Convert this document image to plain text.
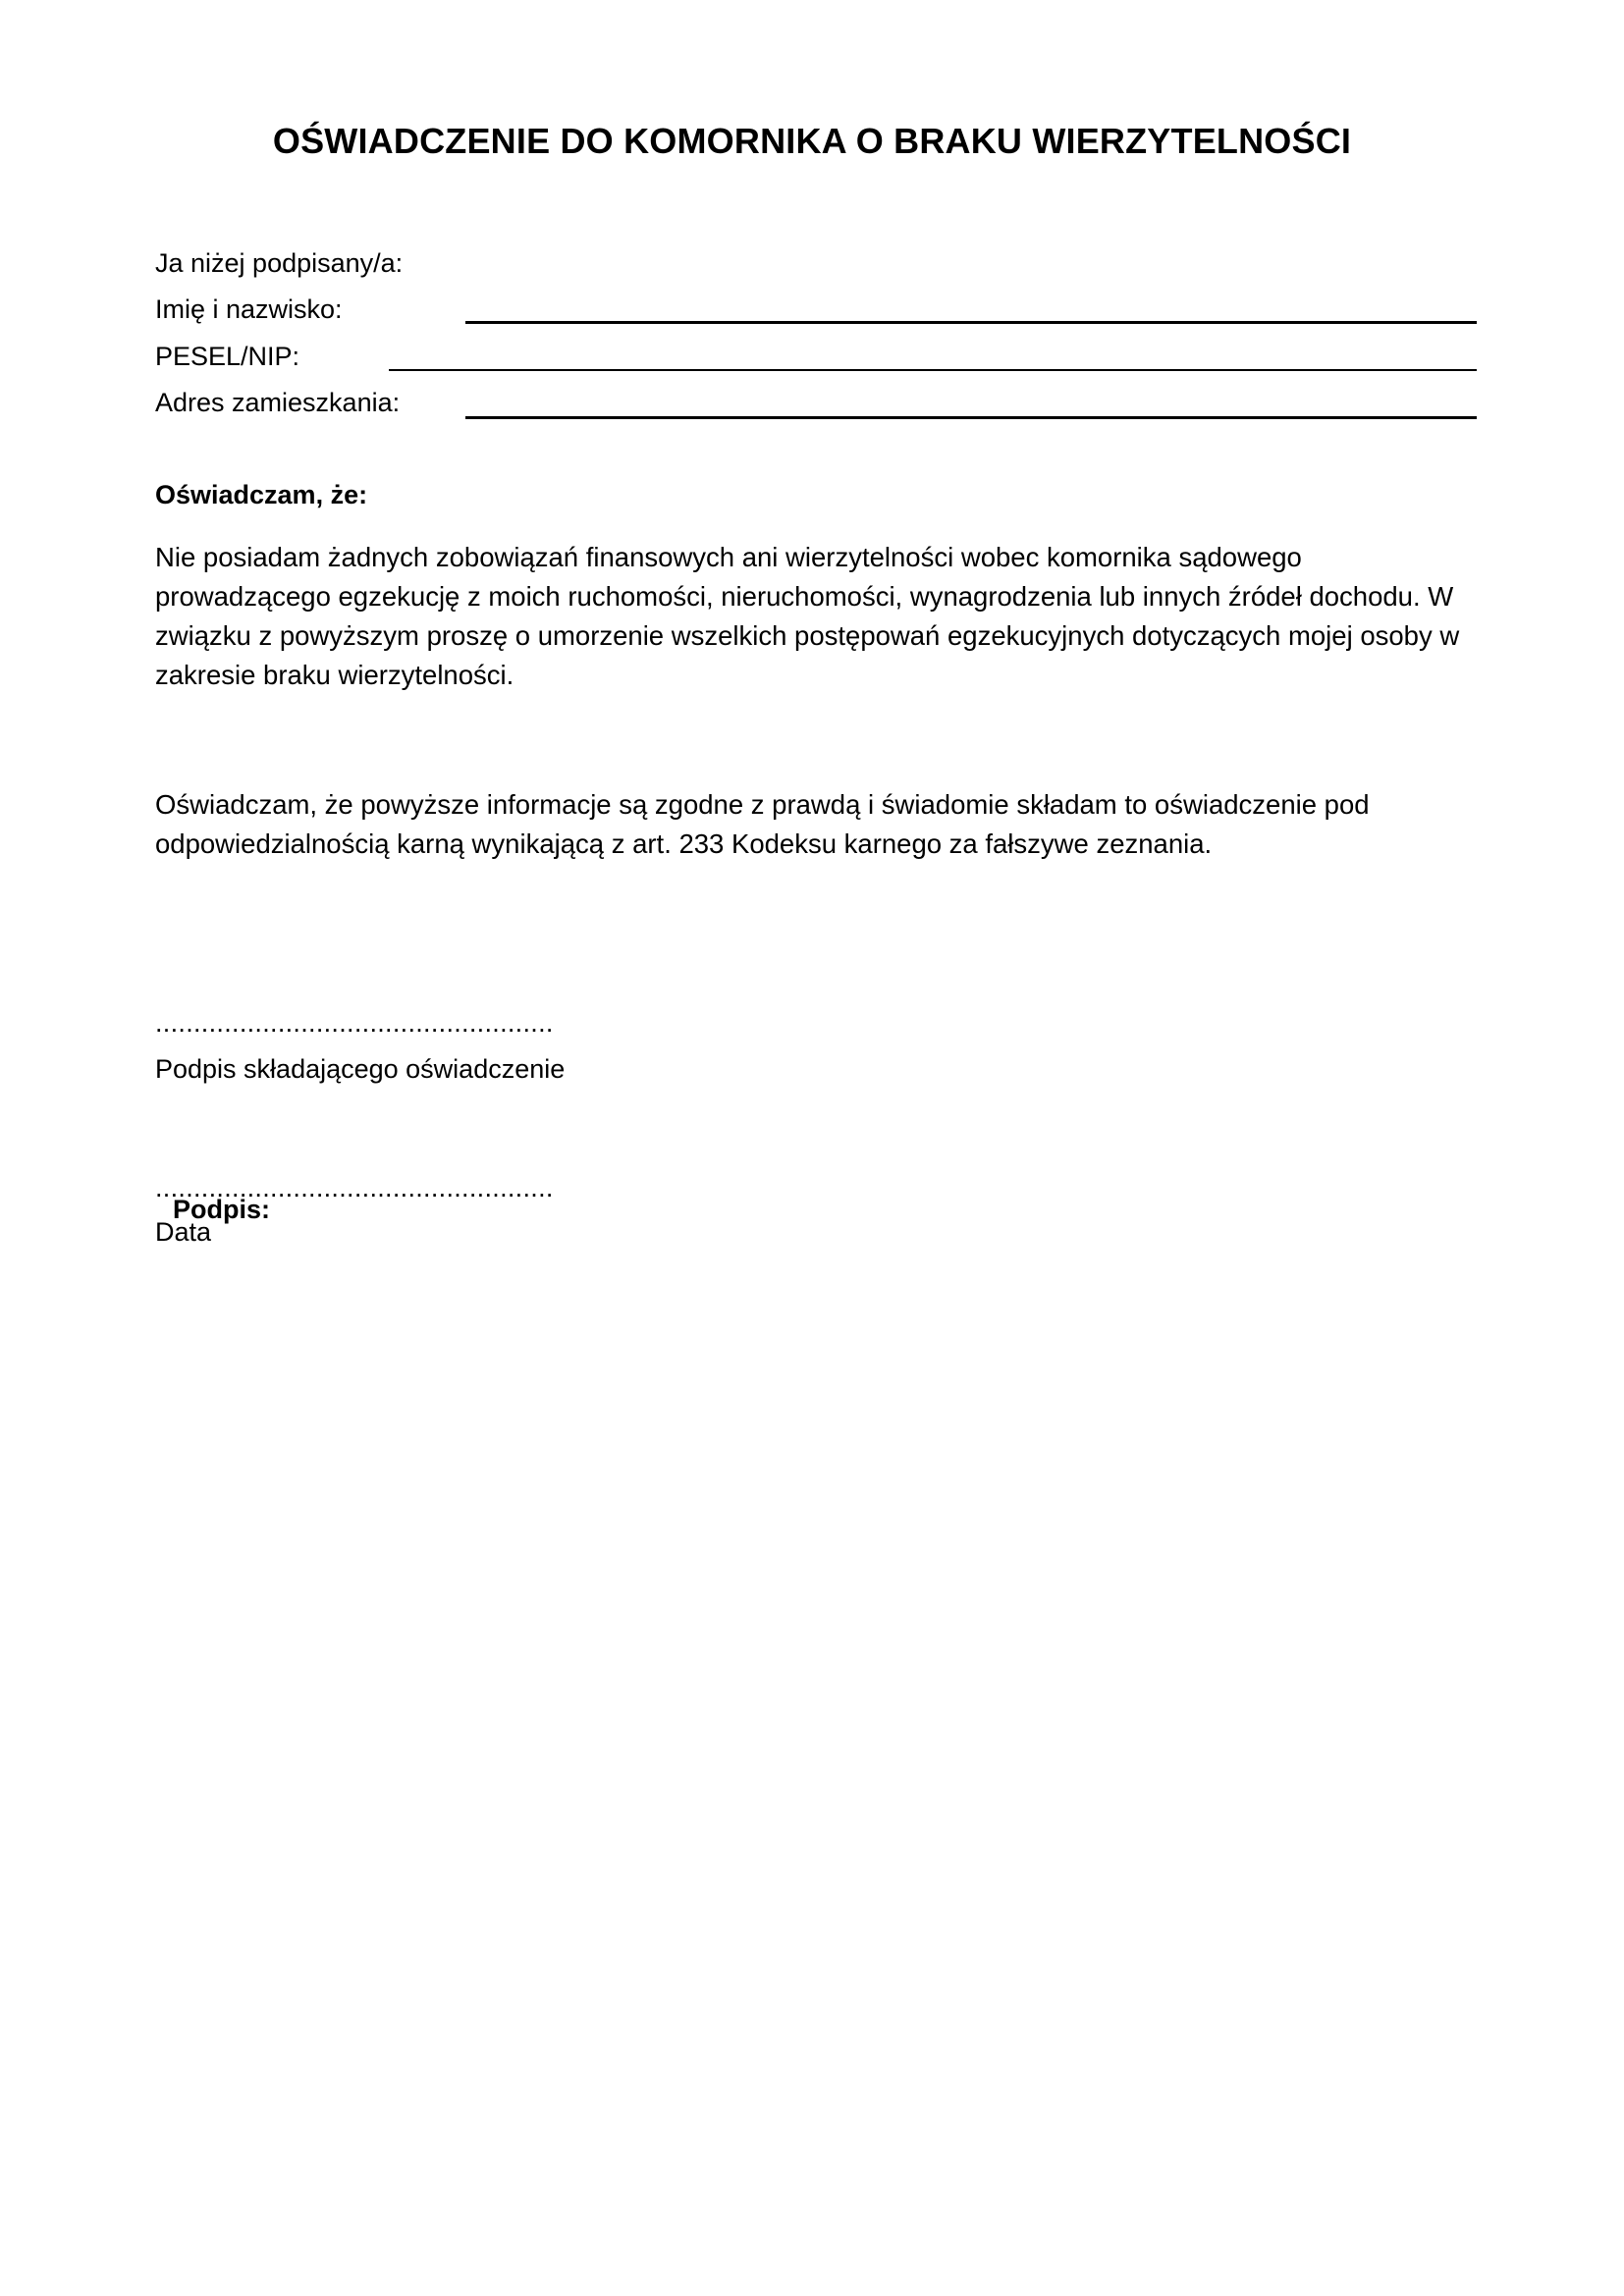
OŚWIADCZENIE DO KOMORNIKA O BRAKU WIERZYTELNOŚCI

Ja niżej podpisany/a:

Imię i nazwisko:

PESEL/NIP:

Adres zamieszkania:

Oświadczam, że:

Nie posiadam żadnych zobowiązań finansowych ani wierzytelności wobec komornika sądowego prowadzącego egzekucję z moich ruchomości, nieruchomości, wynagrodzenia lub innych źródeł dochodu. W związku z powyższym proszę o umorzenie wszelkich postępowań egzekucyjnych dotyczących mojej osoby w zakresie braku wierzytelności.

Oświadczam, że powyższe informacje są zgodne z prawdą i świadomie składam to oświadczenie pod odpowiedzialnością karną wynikającą z art. 233 Kodeksu karnego za fałszywe zeznania.

....................................................

Podpis składającego oświadczenie

....................................................

Podpis:

Data
